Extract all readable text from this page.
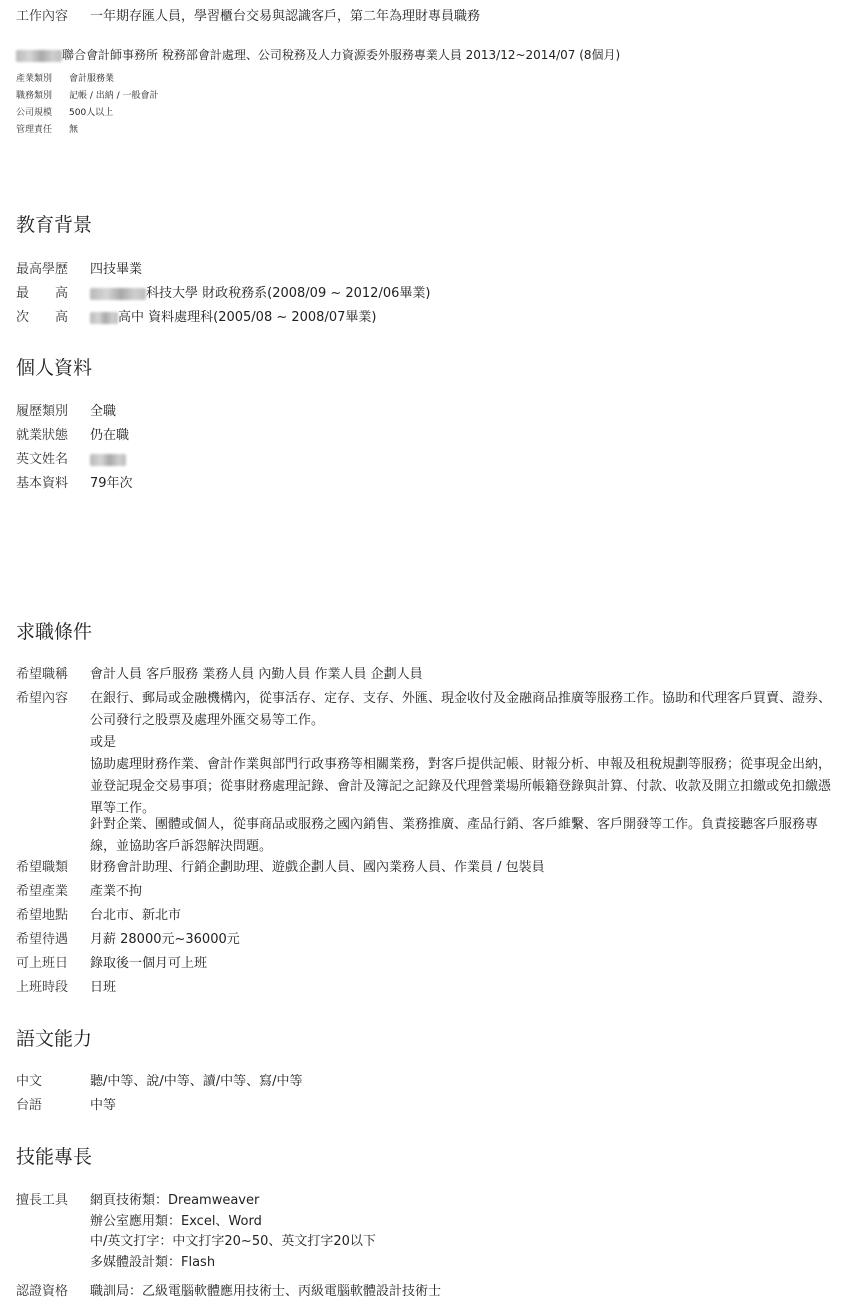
工作內容	一年期存匯人員，學習櫃台交易與認識客戶，第二年為理財專員職務
聯合會計師事務所 稅務部會計處理、公司稅務及人力資源委外服務專業人員 2013/12~2014/07 (8個月)
產業類別	會計服務業
職務類別	記帳 / 出納 / 一般會計
公司規模	500人以上
管理責任	無
教育背景
最高學歷	四技畢業
最　　高	科技大學 財政稅務系(2008/09 ~ 2012/06畢業)
次　　高	高中 資料處理科(2005/08 ~ 2008/07畢業)
個人資料
履歷類別	全職
就業狀態	仍在職
英文姓名
基本資料	79年次
求職條件
希望職稱	會計人員 客戶服務 業務人員 內勤人員 作業人員 企劃人員
希望內容	在銀行、郵局或金融機構內，從事活存、定存、支存、外匯、現金收付及金融商品推廣等服務工作。協助和代理客戶買賣、證券、公司發行之股票及處理外匯交易等工作。
或是
協助處理財務作業、會計作業與部門行政事務等相關業務，對客戶提供記帳、財報分析、申報及租稅規劃等服務；從事現金出納，並登記現金交易事項；從事財務處理記錄、會計及簿記之記錄及代理營業場所帳籍登錄與計算、付款、收款及開立扣繳或免扣繳憑單等工作。
針對企業、團體或個人，從事商品或服務之國內銷售、業務推廣、產品行銷、客戶維繫、客戶開發等工作。負責接聽客戶服務專線，並協助客戶訴怨解決問題。
希望職類	財務會計助理、行銷企劃助理、遊戲企劃人員、國內業務人員、作業員 / 包裝員
希望產業	產業不拘
希望地點	台北市、新北市
希望待遇	月薪 28000元~36000元
可上班日	錄取後一個月可上班
上班時段	日班
語文能力
中文	聽/中等、說/中等、讀/中等、寫/中等
台語	中等
技能專長
擅長工具	網頁技術類：Dreamweaver
辦公室應用類：Excel、Word
中/英文打字：中文打字20~50、英文打字20以下
多媒體設計類：Flash
認證資格	職訓局：乙級電腦軟體應用技術士、丙級電腦軟體設計技術士
